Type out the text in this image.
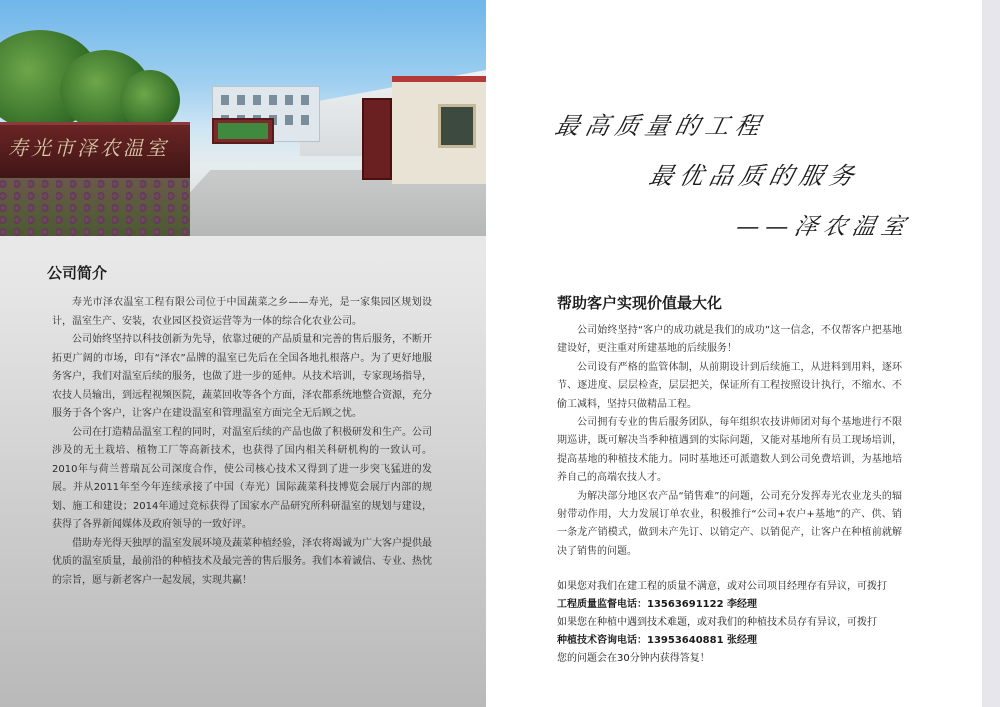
寿光市泽农温室
公司简介

寿光市泽农温室工程有限公司位于中国蔬菜之乡——寿光，是一家集园区规划设计，温室生产、安装，农业园区投资运营等为一体的综合化农业公司。

公司始终坚持以科技创新为先导，依靠过硬的产品质量和完善的售后服务，不断开拓更广阔的市场，印有“泽农”品牌的温室已先后在全国各地扎根落户。为了更好地服务客户，我们对温室后续的服务，也做了进一步的延伸。从技术培训，专家现场指导，农技人员输出，到远程视频医院，蔬菜回收等各个方面，泽农都系统地整合资源，充分服务于各个客户，让客户在建设温室和管理温室方面完全无后顾之忧。

公司在打造精品温室工程的同时，对温室后续的产品也做了积极研发和生产。公司涉及的无土栽培、植物工厂等高新技术，也获得了国内相关科研机构的一致认可。2010年与荷兰普瑞瓦公司深度合作，使公司核心技术又得到了进一步突飞猛进的发展。并从2011年至今年连续承接了中国（寿光）国际蔬菜科技博览会展厅内部的规划、施工和建设；2014年通过竞标获得了国家水产品研究所科研温室的规划与建设，获得了各界新闻媒体及政府领导的一致好评。

借助寿光得天独厚的温室发展环境及蔬菜种植经验，泽农将竭诚为广大客户提供最优质的温室质量，最前沿的种植技术及最完善的售后服务。我们本着诚信、专业、热忱的宗旨，愿与新老客户一起发展，实现共赢！

最高质量的工程
最优品质的服务
——泽农温室
帮助客户实现价值最大化

公司始终坚持“客户的成功就是我们的成功”这一信念，不仅帮客户把基地建设好，更注重对所建基地的后续服务！

公司设有严格的监管体制，从前期设计到后续施工，从进料到用料，逐环节、逐进度、层层检查，层层把关，保证所有工程按照设计执行，不缩水、不偷工减料，坚持只做精品工程。

公司拥有专业的售后服务团队，每年组织农技讲师团对每个基地进行不限期巡讲，既可解决当季种植遇到的实际问题，又能对基地所有员工现场培训，提高基地的种植技术能力。同时基地还可派遣数人到公司免费培训，为基地培养自己的高端农技人才。

为解决部分地区农产品“销售难”的问题，公司充分发挥寿光农业龙头的辐射带动作用，大力发展订单农业，积极推行“公司+农户+基地”的产、供、销一条龙产销模式，做到未产先订、以销定产、以销促产，让客户在种植前就解决了销售的问题。

如果您对我们在建工程的质量不满意，或对公司项目经理存有异议，可拨打
工程质量监督电话：13563691122 李经理
如果您在种植中遇到技术难题，或对我们的种植技术员存有异议，可拨打
种植技术咨询电话：13953640881 张经理
您的问题会在30分钟内获得答复！
